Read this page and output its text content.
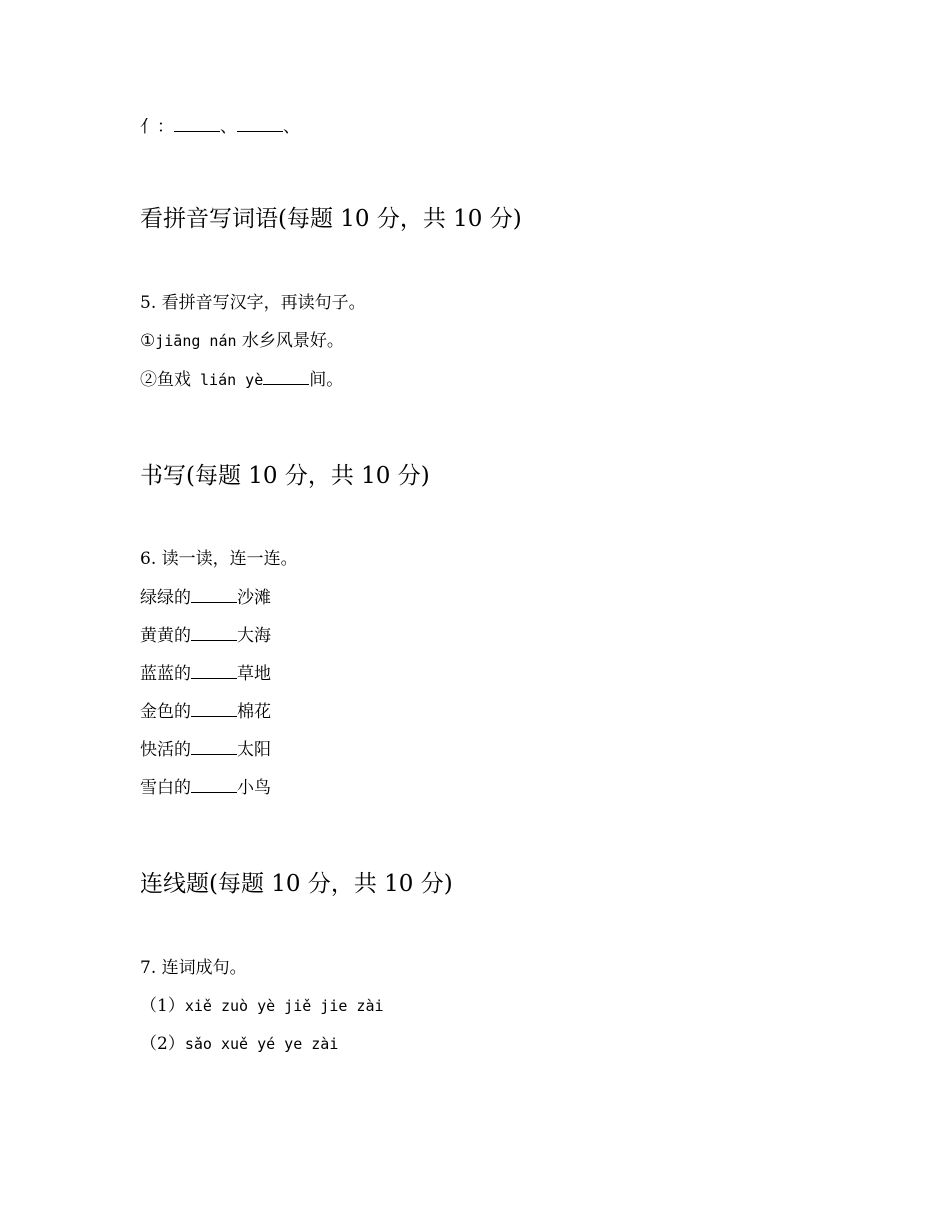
亻：	、	、
看拼音写词语(每题 10 分，共 10 分)
5. 看拼音写汉字，再读句子。
①jiāng nán 水乡风景好。
②鱼戏 lián yè	间。
书写(每题 10 分，共 10 分)
6. 读一读，连一连。
绿绿的	沙滩
黄黄的	大海
蓝蓝的	草地
金色的	棉花
快活的	太阳
雪白的	小鸟
连线题(每题 10 分，共 10 分)
7. 连词成句。
（1）xiě zuò yè jiě jie zài
（2）sǎo xuě yé ye zài
